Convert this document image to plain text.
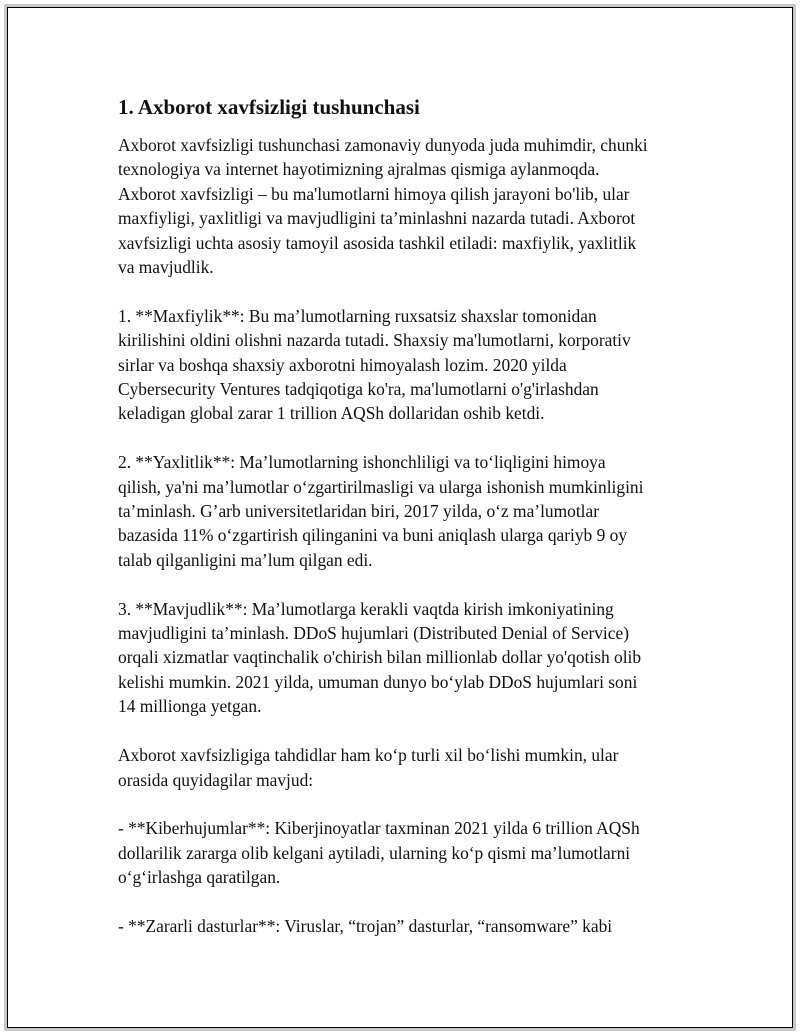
1. Axborot xavfsizligi tushunchasi
Axborot xavfsizligi tushunchasi zamonaviy dunyoda juda muhimdir, chunki
texnologiya va internet hayotimizning ajralmas qismiga aylanmoqda.
Axborot xavfsizligi – bu ma'lumotlarni himoya qilish jarayoni bo'lib, ular
maxfiyligi, yaxlitligi va mavjudligini ta’minlashni nazarda tutadi. Axborot
xavfsizligi uchta asosiy tamoyil asosida tashkil etiladi: maxfiylik, yaxlitlik
va mavjudlik.
1. **Maxfiylik**: Bu ma’lumotlarning ruxsatsiz shaxslar tomonidan
kirilishini oldini olishni nazarda tutadi. Shaxsiy ma'lumotlarni, korporativ
sirlar va boshqa shaxsiy axborotni himoyalash lozim. 2020 yilda
Cybersecurity Ventures tadqiqotiga ko'ra, ma'lumotlarni o'g'irlashdan
keladigan global zarar 1 trillion AQSh dollaridan oshib ketdi.
2. **Yaxlitlik**: Ma’lumotlarning ishonchliligi va to‘liqligini himoya
qilish, ya'ni ma’lumotlar o‘zgartirilmasligi va ularga ishonish mumkinligini
ta’minlash. G’arb universitetlaridan biri, 2017 yilda, o‘z ma’lumotlar
bazasida 11% o‘zgartirish qilinganini va buni aniqlash ularga qariyb 9 oy
talab qilganligini ma’lum qilgan edi.
3. **Mavjudlik**: Ma’lumotlarga kerakli vaqtda kirish imkoniyatining
mavjudligini ta’minlash. DDoS hujumlari (Distributed Denial of Service)
orqali xizmatlar vaqtinchalik o'chirish bilan millionlab dollar yo'qotish olib
kelishi mumkin. 2021 yilda, umuman dunyo bo‘ylab DDoS hujumlari soni
14 millionga yetgan.
Axborot xavfsizligiga tahdidlar ham ko‘p turli xil bo‘lishi mumkin, ular
orasida quyidagilar mavjud:
- **Kiberhujumlar**: Kiberjinoyatlar taxminan 2021 yilda 6 trillion AQSh
dollarilik zararga olib kelgani aytiladi, ularning ko‘p qismi ma’lumotlarni
o‘g‘irlashga qaratilgan.
- **Zararli dasturlar**: Viruslar, “trojan” dasturlar, “ransomware” kabi
